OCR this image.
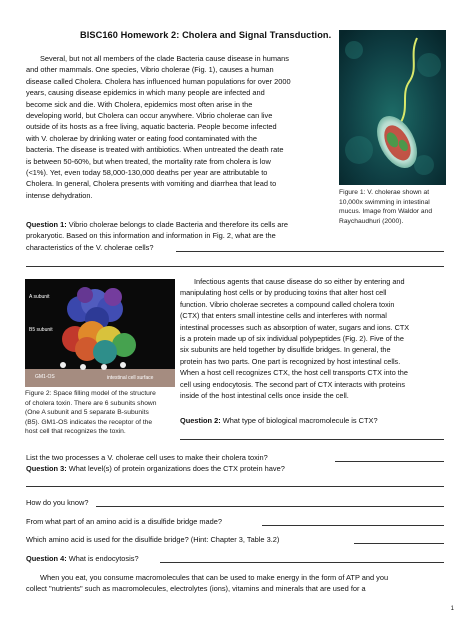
BISC160 Homework 2: Cholera and Signal Transduction.
Several, but not all members of the clade Bacteria cause disease in humans
and other mammals. One species, Vibrio cholerae (Fig. 1), causes a human
disease called Cholera. Cholera has influenced human populations for over 2000
years, causing disease epidemics in which many people are infected and
become sick and die. With Cholera, epidemics most often arise in the
developing world, but Cholera can occur anywhere. Vibrio cholerae can live
outside of its hosts as a free living, aquatic bacteria. People become infected
with V. cholerae by drinking water or eating food contaminated with the
bacteria. The disease is treated with antibiotics. When untreated the death rate
is between 50-60%, but when treated, the mortality rate from cholera is low
(<1%). Yet, even today 58,000-130,000 deaths per year are attributable to
Cholera. In general, Cholera presents with vomiting and diarrhea that lead to
intense dehydration.	Figure 1: V. cholerae shown at
10,000x swimming in intestinal
mucus. Image from Waldor and
Raychaudhuri (2000).
Question 1: Vibrio cholerae belongs to clade Bacteria and therefore its cells are
prokaryotic. Based on this information and information in Fig. 2, what are the
characteristics of the V. cholerae cells?
A subunit
B5 subunit
GM1-OS	intestinal cell surface
Figure 2: Space filling model of the structure
of cholera toxin. There are 6 subunits shown
(One A subunit and 5 separate B-subunits
(B5). GM1-OS indicates the receptor of the
host cell that recognizes the toxin.
Infectious agents that cause disease do so either by entering and
manipulating host cells or by producing toxins that alter host cell
function. Vibrio cholerae secretes a compound called cholera toxin
(CTX) that enters small intestine cells and interferes with normal
intestinal processes such as absorption of water, sugars and ions. CTX
is a protein made up of six individual polypeptides (Fig. 2). Five of the
six subunits are held together by disulfide bridges. In general, the
protein has two parts. One part is recognized by host intestinal cells.
When a host cell recognizes CTX, the host cell transports CTX into the
cell using endocytosis. The second part of CTX interacts with proteins
inside of the host intestinal cells once inside the cell.
Question 2: What type of biological macromolecule is CTX?
List the two processes a V. cholerae cell uses to make their cholera toxin?
Question 3: What level(s) of protein organizations does the CTX protein have?
How do you know?
From what part of an amino acid is a disulfide bridge made?
Which amino acid is used for the disulfide bridge? (Hint: Chapter 3, Table 3.2)
Question 4: What is endocytosis?
When you eat, you consume macromolecules that can be used to make energy in the form of ATP and you
collect "nutrients" such as macromolecules, electrolytes (ions), vitamins and minerals that are used for a
1
